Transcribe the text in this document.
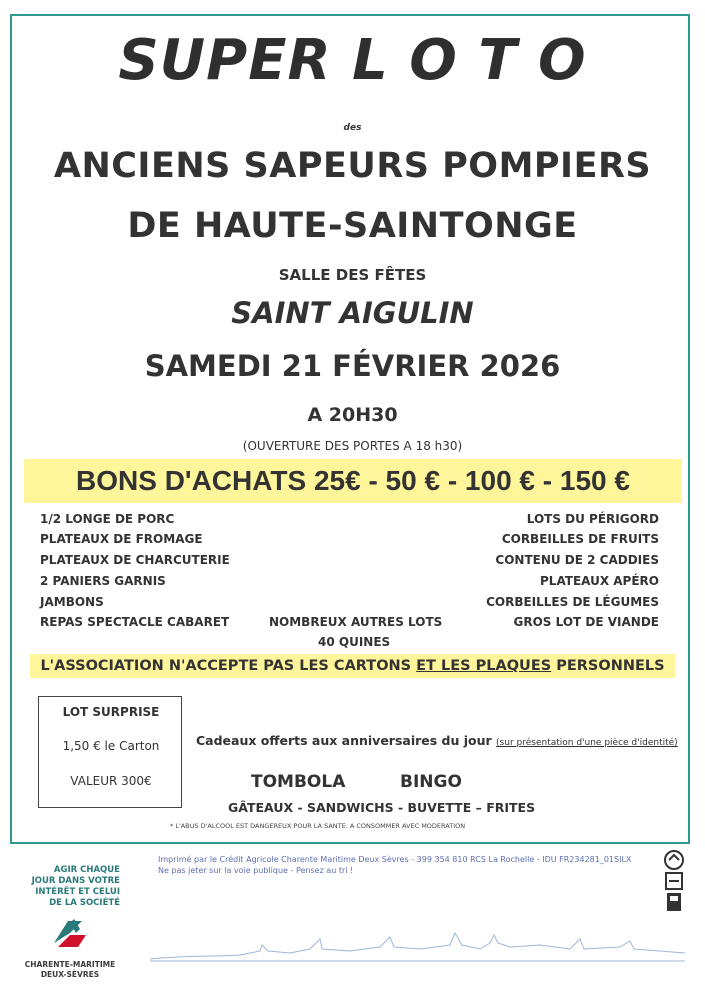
SUPER L O T O
des
ANCIENS SAPEURS POMPIERS
DE HAUTE-SAINTONGE
SALLE DES FÊTES
SAINT AIGULIN
SAMEDI 21 FÉVRIER 2026
A 20H30
(OUVERTURE DES PORTES A 18 h30)
BONS D'ACHATS 25€ - 50 € - 100 € - 150 €
1/2 LONGE DE PORC
PLATEAUX DE FROMAGE
PLATEAUX DE CHARCUTERIE
2 PANIERS GARNIS
JAMBONS
REPAS SPECTACLE CABARET
LOTS DU PÉRIGORD
CORBEILLES DE FRUITS
CONTENU DE 2 CADDIES
PLATEAUX APÉRO
CORBEILLES DE LÉGUMES
GROS LOT DE VIANDE
NOMBREUX AUTRES LOTS
40 QUINES
L'ASSOCIATION N'ACCEPTE PAS LES CARTONS ET LES PLAQUES PERSONNELS
LOT SURPRISE
1,50 € le Carton
VALEUR 300€
Cadeaux offerts aux anniversaires du jour (sur présentation d'une pièce d'identité)
TOMBOLA	BINGO
GÂTEAUX - SANDWICHS - BUVETTE – FRITES
* L'ABUS D'ALCOOL EST DANGEREUX POUR LA SANTE. A CONSOMMER AVEC MODERATION
Imprimé par le Crédit Agricole Charente Maritime Deux Sèvres - 399 354 810 RCS La Rochelle - IDU FR234281_01SILX
Ne pas jeter sur la voie publique - Pensez au tri !
AGIR CHAQUE
JOUR DANS VOTRE
INTÉRÊT ET CELUI
DE LA SOCIÉTÉ
CHARENTE-MARITIME
DEUX-SÈVRES
